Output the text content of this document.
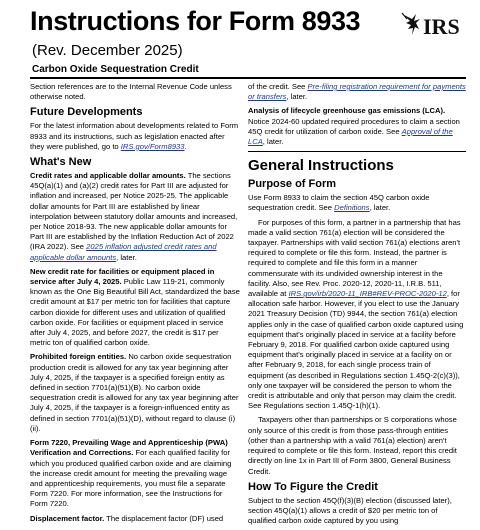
Instructions for Form 8933
(Rev. December 2025)
Carbon Oxide Sequestration Credit
IRS

Section references are to the Internal Revenue Code unless otherwise noted.

Future Developments

For the latest information about developments related to Form 8933 and its instructions, such as legislation enacted after they were published, go to IRS.gov/Form8933.

What's New

Credit rates and applicable dollar amounts. The sections 45Q(a)(1) and (a)(2) credit rates for Part III are adjusted for inflation and increased, per Notice 2025-25. The applicable dollar amounts for Part III are established by linear interpolation between statutory dollar amounts and increased, per Notice 2018-93. The new applicable dollar amounts for Part III are established by the Inflation Reduction Act of 2022 (IRA 2022). See 2025 inflation adjusted credit rates and applicable dollar amounts, later.

New credit rate for facilities or equipment placed in service after July 4, 2025. Public Law 119-21, commonly known as the One Big Beautiful Bill Act, standardized the base credit amount at $17 per metric ton for facilities that capture carbon dioxide for different uses and utilization of qualified carbon oxide. For facilities or equipment placed in service after July 4, 2025, and before 2027, the credit is $17 per metric ton of qualified carbon oxide.

Prohibited foreign entities. No carbon oxide sequestration production credit is allowed for any tax year beginning after July 4, 2025, if the taxpayer is a specified foreign entity as defined in section 7701(a)(51)(B). No carbon oxide sequestration credit is allowed for any tax year beginning after July 4, 2025, if the taxpayer is a foreign-influenced entity as defined in section 7701(a)(51)(D), without regard to clause (i)(ii).

Form 7220, Prevailing Wage and Apprenticeship (PWA) Verification and Corrections. For each qualified facility for which you produced qualified carbon oxide and are claiming the increase credit amount for meeting the prevailing wage and apprenticeship requirements, you must file a separate Form 7220. For more information, see the Instructions for Form 7220.

Displacement factor. The displacement factor (DF) used

of the credit. See Pre-filing registration requirement for payments or transfers, later.

Analysis of lifecycle greenhouse gas emissions (LCA). Notice 2024-60 updated required procedures to claim a section 45Q credit for utilization of carbon oxide. See Approval of the LCA, later.

General Instructions
Purpose of Form

Use Form 8933 to claim the section 45Q carbon oxide sequestration credit. See Definitions, later.

For purposes of this form, a partner in a partnership that has made a valid section 761(a) election will be considered the taxpayer. Partnerships with valid section 761(a) elections aren't required to complete or file this form. Instead, the partner is required to complete and file this form in a manner commensurate with its undivided ownership interest in the facility. Also, see Rev. Proc. 2020-12, 2020-11, I.R.B. 511, available at IRS.gov/irb/2020-11_IRB#REV-PROC-2020-12, for allocation safe harbor. However, if you elect to use the January 2021 Treasury Decision (TD) 9944, the section 761(a) election applies only in the case of qualified carbon oxide captured using equipment that's originally placed in service at a facility before February 9, 2018. For qualified carbon oxide captured using equipment that's originally placed in service at a facility on or after February 9, 2018, for each single process train of equipment (as described in Regulations section 1.45Q-2(c)(3)), only one taxpayer will be considered the person to whom the credit is attributable and only that person may claim the credit. See Regulations section 1.45Q-1(h)(1).

Taxpayers other than partnerships or S corporations whose only source of this credit is from those pass-through entities (other than a partnership with a valid 761(a) election) aren't required to complete or file this form. Instead, report this credit directly on line 1x in Part III of Form 3800, General Business Credit.

How To Figure the Credit

Subject to the section 45Q(f)(3)(B) election (discussed later), section 45Q(a)(1) allows a credit of $20 per metric ton of qualified carbon oxide captured by you using
